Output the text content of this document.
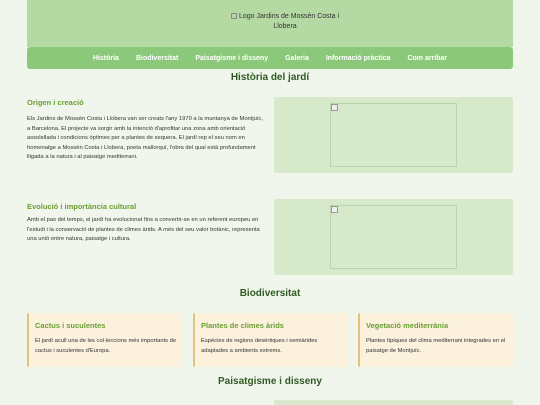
Logo Jardins de Mossèn Costa i Llobera
Història Biodiversitat Paisatgisme i disseny Galeria Informació pràctica Com arribar
Història del jardí
Origen i creació

Els Jardins de Mossèn Costa i Llobera van ser creats l'any 1970 a la muntanya de Montjuïc, a Barcelona. El projecte va sorgir amb la intenció d'aprofitar una zona amb orientació assolellada i condicions òptimes per a plantes de sequera. El jardí rep el seu nom en homenatge a Mossèn Costa i Llobera, poeta mallorquí, l'obra del qual està profundament lligada a la natura i al paisatge mediterrani.

Evolució i importància cultural

Amb el pas del temps, el jardí ha evolucionat fins a convertir-se en un referent europeu en l'estudi i la conservació de plantes de climes àrids. A més del seu valor botànic, representa una unió entre natura, paisatge i cultura.

Biodiversitat
Cactus i suculentes

El jardí acull una de les col·leccions més importants de cactus i suculentes d'Europa.

Plantes de climes àrids

Espècies de regions desèrtiques i semiàrides adaptades a ambients extrems.

Vegetació mediterrània

Plantes típiques del clima mediterrani integrades en el paisatge de Montjuïc.

Paisatgisme i disseny
